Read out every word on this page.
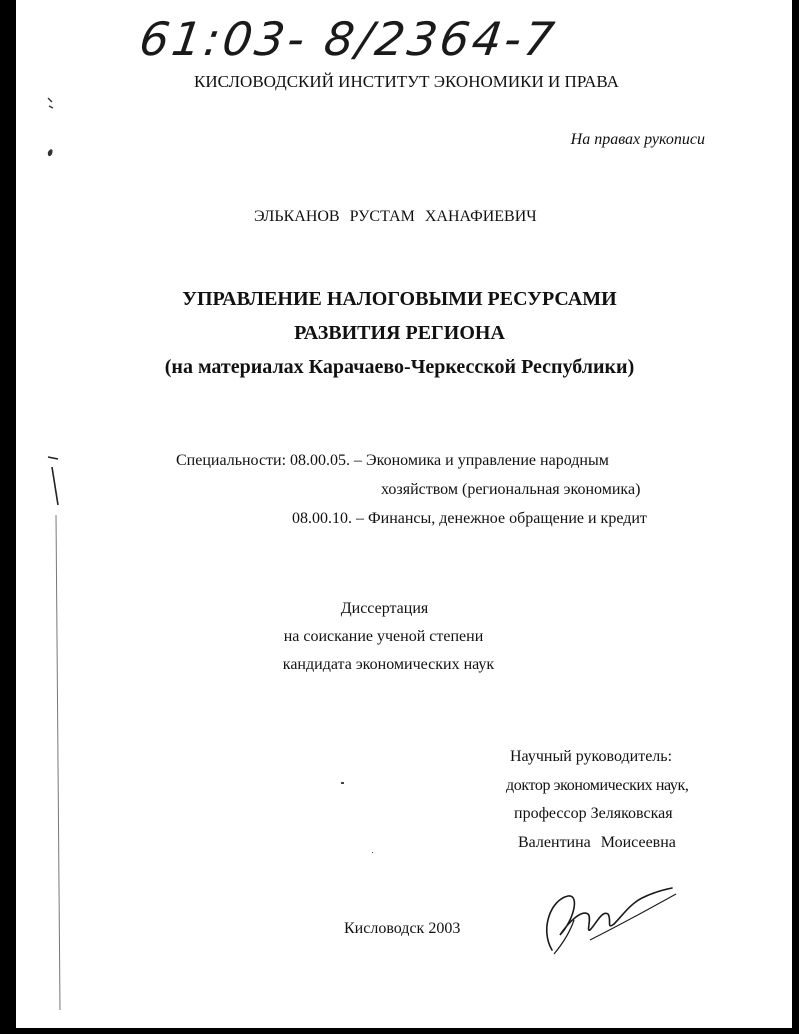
61:03- 8/2364-7
КИСЛОВОДСКИЙ ИНСТИТУТ ЭКОНОМИКИ И ПРАВА
На правах рукописи
ЭЛЬКАНОВ РУСТАМ ХАНАФИЕВИЧ
УПРАВЛЕНИЕ НАЛОГОВЫМИ РЕСУРСАМИ
РАЗВИТИЯ РЕГИОНА
(на материалах Карачаево-Черкесской Республики)
Специальности: 08.00.05. – Экономика и управление народным
хозяйством (региональная экономика)
08.00.10. – Финансы, денежное обращение и кредит
Диссертация
на соискание ученой степени
кандидата экономических наук
Научный руководитель:
доктор экономических наук,
профессор Зеляковская
Валентина Моисеевна
Кисловодск 2003
